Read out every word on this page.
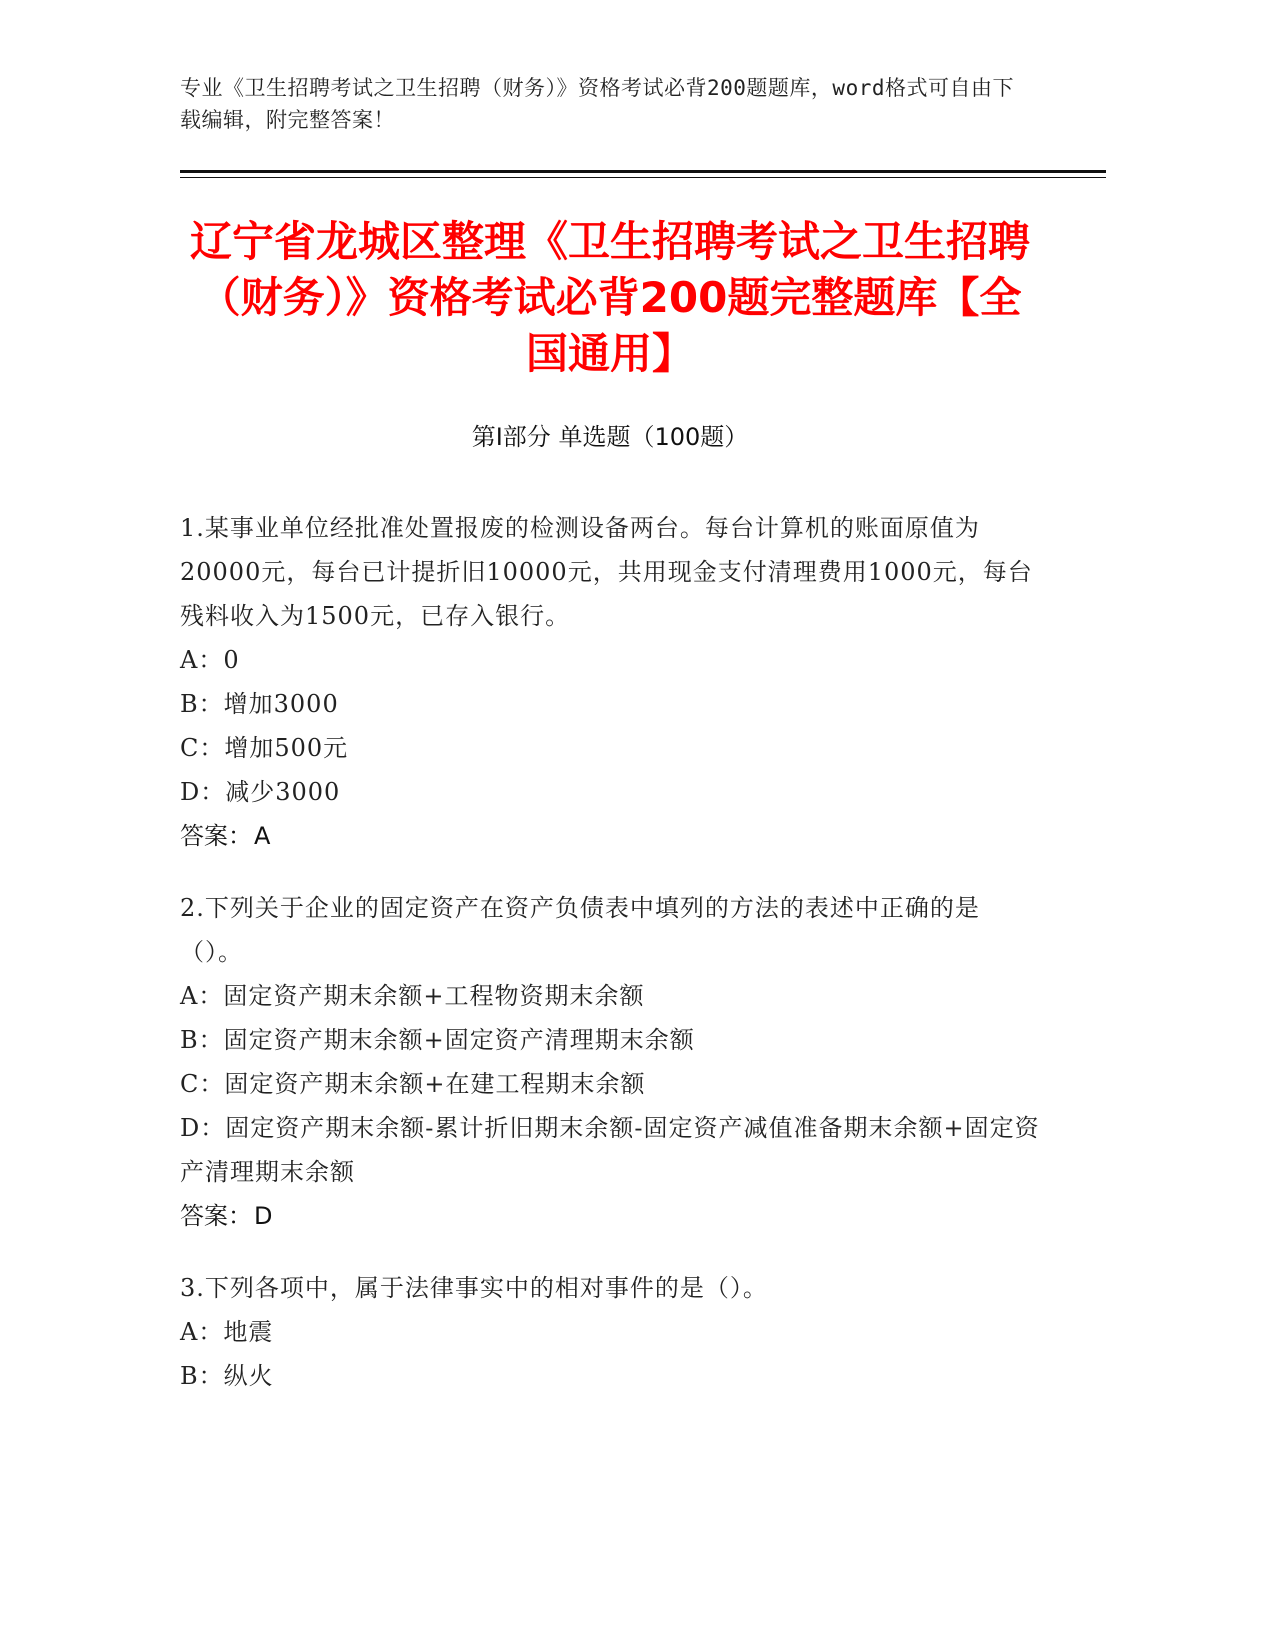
专业《卫生招聘考试之卫生招聘（财务）》资格考试必背200题题库，word格式可自由下载编辑，附完整答案！
辽宁省龙城区整理《卫生招聘考试之卫生招聘（财务）》资格考试必背200题完整题库【全国通用】
第Ⅰ部分 单选题（100题）
1.某事业单位经批准处置报废的检测设备两台。每台计算机的账面原值为20000元，每台已计提折旧10000元，共用现金支付清理费用1000元，每台残料收入为1500元，已存入银行。
A：0
B：增加3000
C：增加500元
D：减少3000
答案：A
2.下列关于企业的固定资产在资产负债表中填列的方法的表述中正确的是（）。
A：固定资产期末余额+工程物资期末余额
B：固定资产期末余额+固定资产清理期末余额
C：固定资产期末余额+在建工程期末余额
D：固定资产期末余额-累计折旧期末余额-固定资产减值准备期末余额+固定资产清理期末余额
答案：D
3.下列各项中，属于法律事实中的相对事件的是（）。
A：地震
B：纵火
